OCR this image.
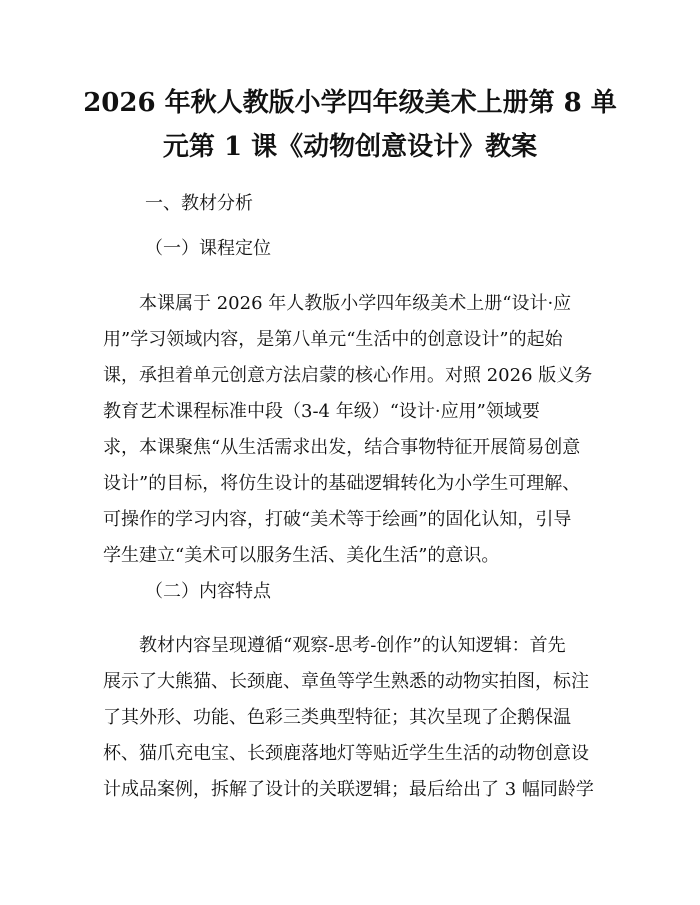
2026 年秋人教版小学四年级美术上册第 8 单
元第 1 课《动物创意设计》教案
一、教材分析
（一）课程定位
本课属于 2026 年人教版小学四年级美术上册“设计·应
用”学习领域内容，是第八单元“生活中的创意设计”的起始
课，承担着单元创意方法启蒙的核心作用。对照 2026 版义务
教育艺术课程标准中段（3-4 年级）“设计·应用”领域要
求，本课聚焦“从生活需求出发，结合事物特征开展简易创意
设计”的目标，将仿生设计的基础逻辑转化为小学生可理解、
可操作的学习内容，打破“美术等于绘画”的固化认知，引导
学生建立“美术可以服务生活、美化生活”的意识。
（二）内容特点
教材内容呈现遵循“观察-思考-创作”的认知逻辑：首先
展示了大熊猫、长颈鹿、章鱼等学生熟悉的动物实拍图，标注
了其外形、功能、色彩三类典型特征；其次呈现了企鹅保温
杯、猫爪充电宝、长颈鹿落地灯等贴近学生生活的动物创意设
计成品案例，拆解了设计的关联逻辑；最后给出了 3 幅同龄学
